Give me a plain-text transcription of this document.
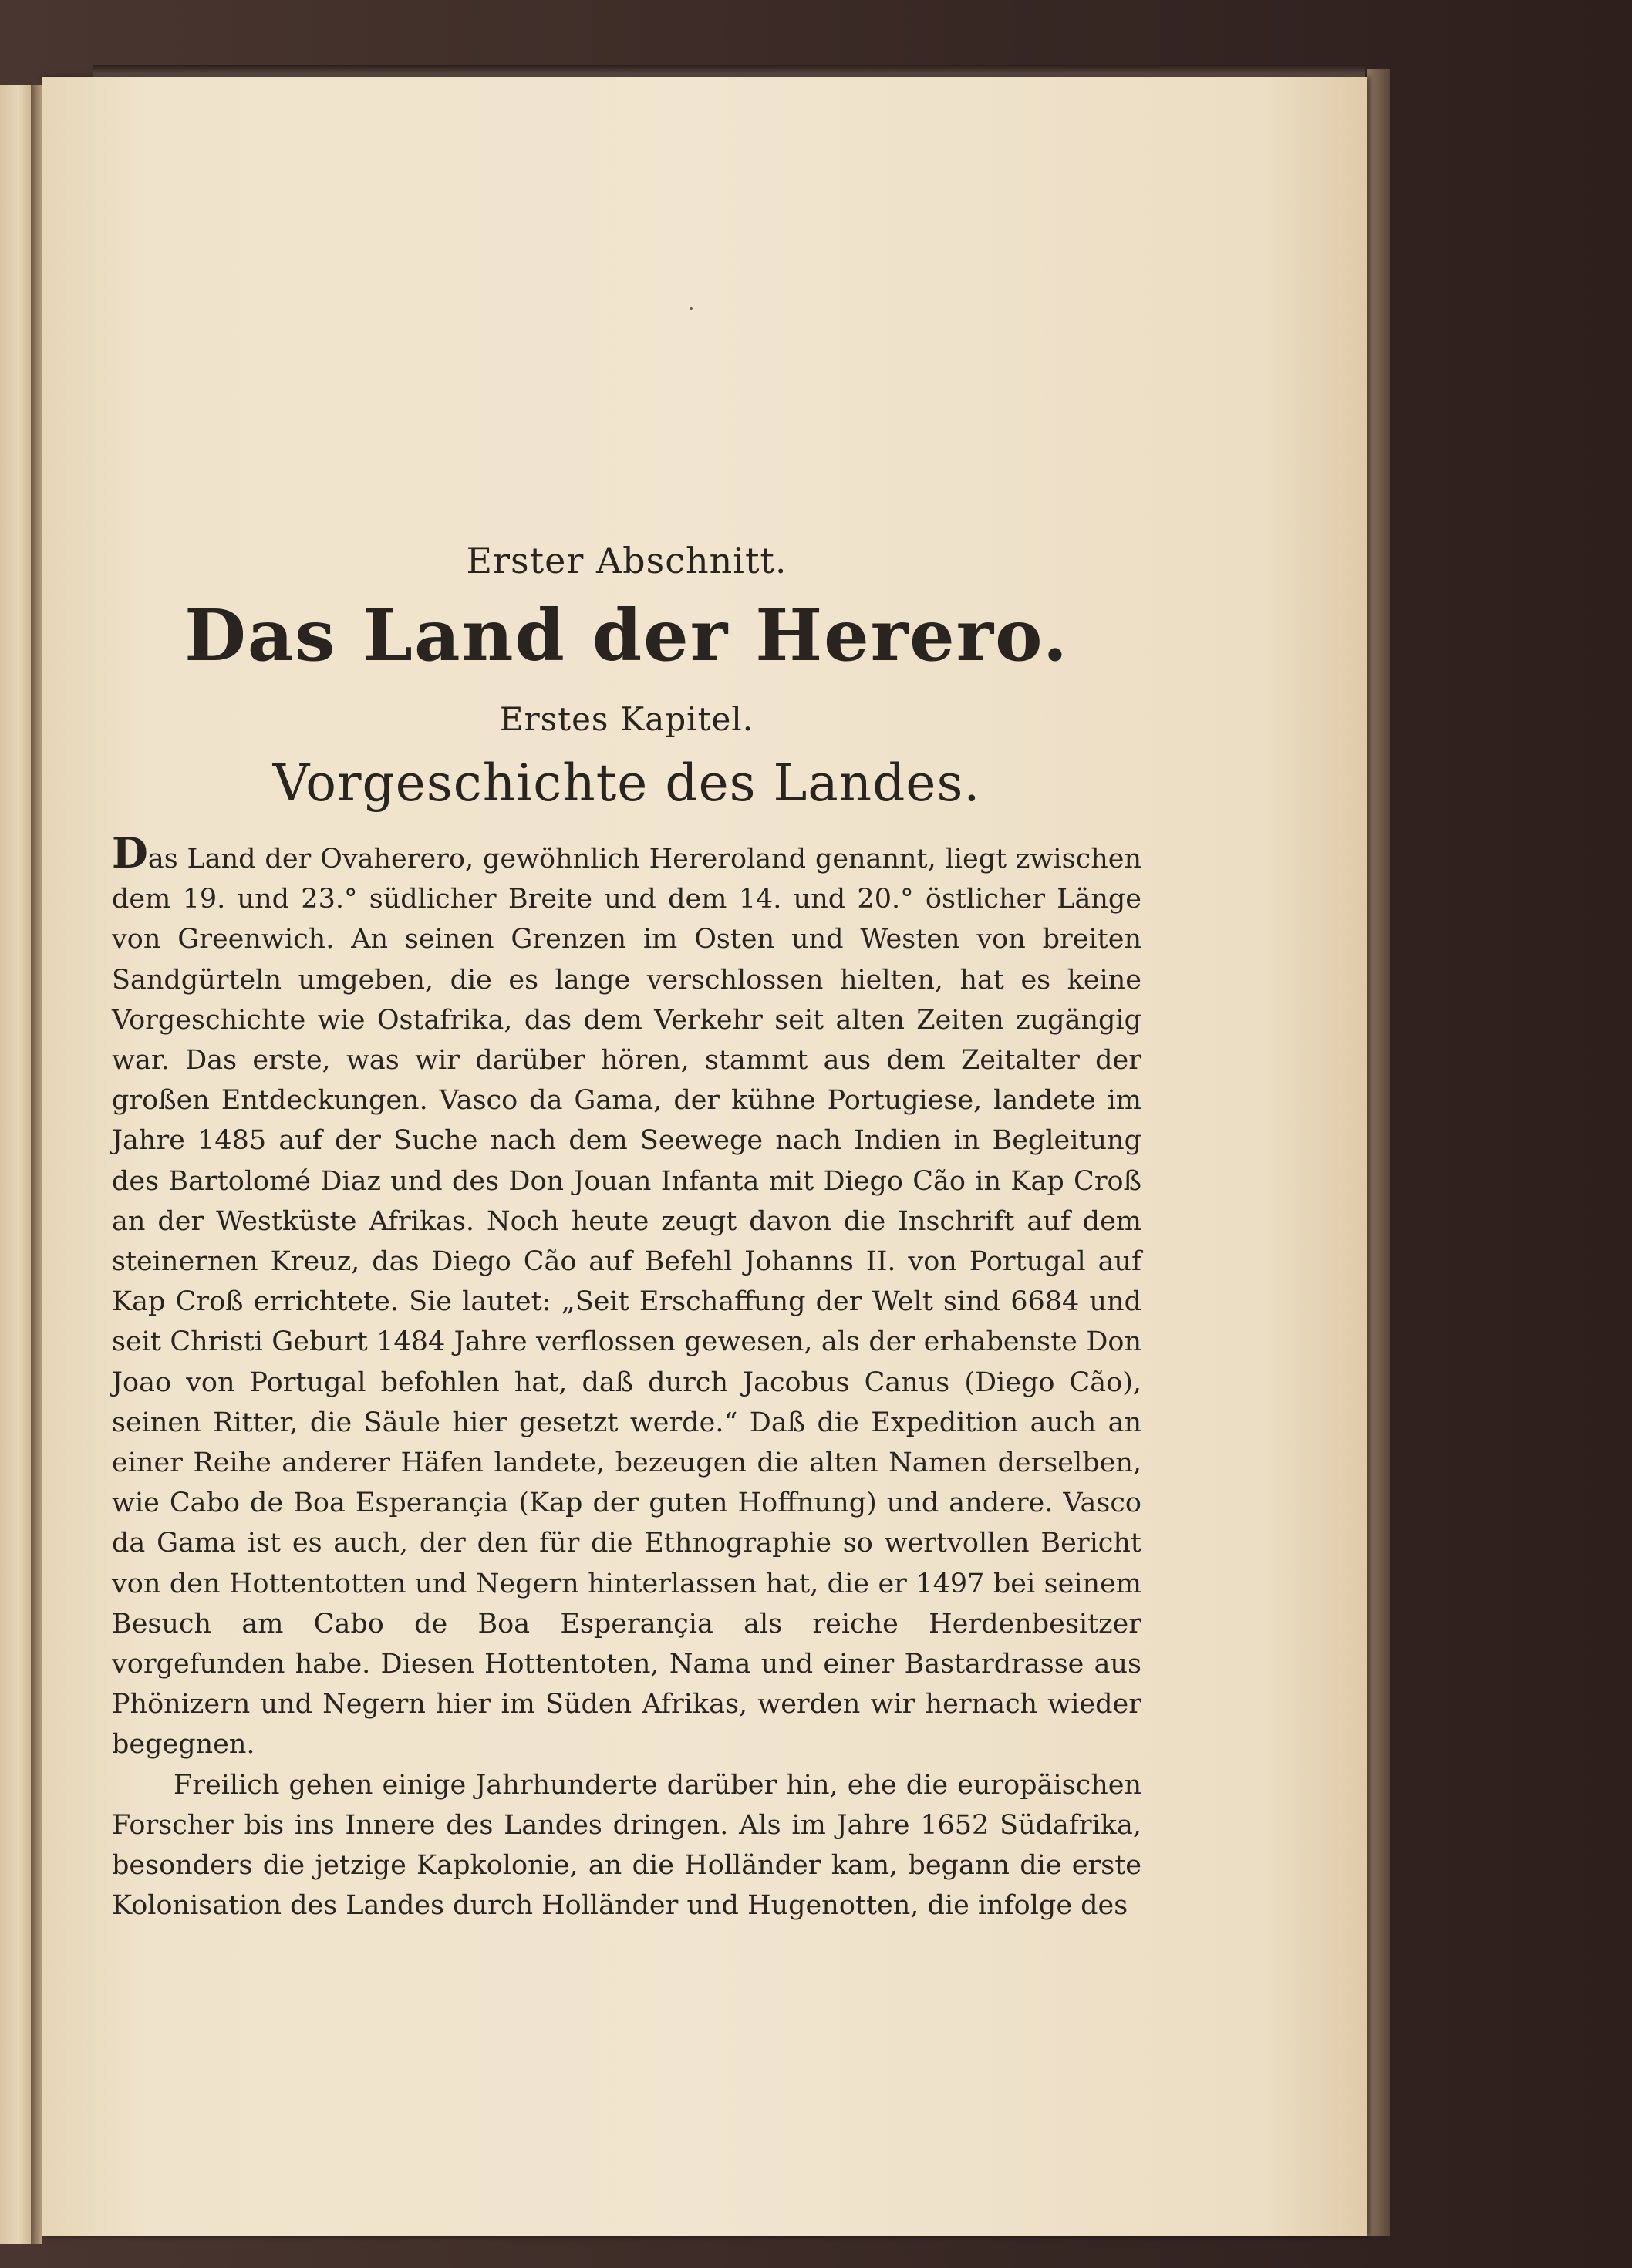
Erster Abschnitt.
Das Land der Herero.
Erstes Kapitel.
Vorgeschichte des Landes.

Das Land der Ovaherero, gewöhnlich Hereroland genannt, liegt zwischen dem 19. und 23.° südlicher Breite und dem 14. und 20.° östlicher Länge von Greenwich. An seinen Grenzen im Osten und Westen von breiten Sandgürteln umgeben, die es lange verschlossen hielten, hat es keine Vorgeschichte wie Ostafrika, das dem Verkehr seit alten Zeiten zugängig war. Das erste, was wir darüber hören, stammt aus dem Zeitalter der großen Entdeckungen. Vasco da Gama, der kühne Portugiese, landete im Jahre 1485 auf der Suche nach dem Seewege nach Indien in Begleitung des Bartolomé Diaz und des Don Jouan Infanta mit Diego Cão in Kap Croß an der Westküste Afrikas. Noch heute zeugt davon die Inschrift auf dem steinernen Kreuz, das Diego Cão auf Befehl Johanns II. von Portugal auf Kap Croß errichtete. Sie lautet: „Seit Erschaffung der Welt sind 6684 und seit Christi Geburt 1484 Jahre verflossen gewesen, als der erhabenste Don Joao von Portugal befohlen hat, daß durch Jacobus Canus (Diego Cão), seinen Ritter, die Säule hier gesetzt werde.“ Daß die Expedition auch an einer Reihe anderer Häfen landete, bezeugen die alten Namen derselben, wie Cabo de Boa Esperançia (Kap der guten Hoffnung) und andere. Vasco da Gama ist es auch, der den für die Ethnographie so wertvollen Bericht von den Hottentotten und Negern hinterlassen hat, die er 1497 bei seinem Besuch am Cabo de Boa Esperançia als reiche Herdenbesitzer vorgefunden habe. Diesen Hottentoten, Nama und einer Bastardrasse aus Phönizern und Negern hier im Süden Afrikas, werden wir hernach wieder begegnen.

Freilich gehen einige Jahrhunderte darüber hin, ehe die europäischen Forscher bis ins Innere des Landes dringen. Als im Jahre 1652 Südafrika, besonders die jetzige Kapkolonie, an die Holländer kam, begann die erste Kolonisation des Landes durch Holländer und Hugenotten, die infolge des
